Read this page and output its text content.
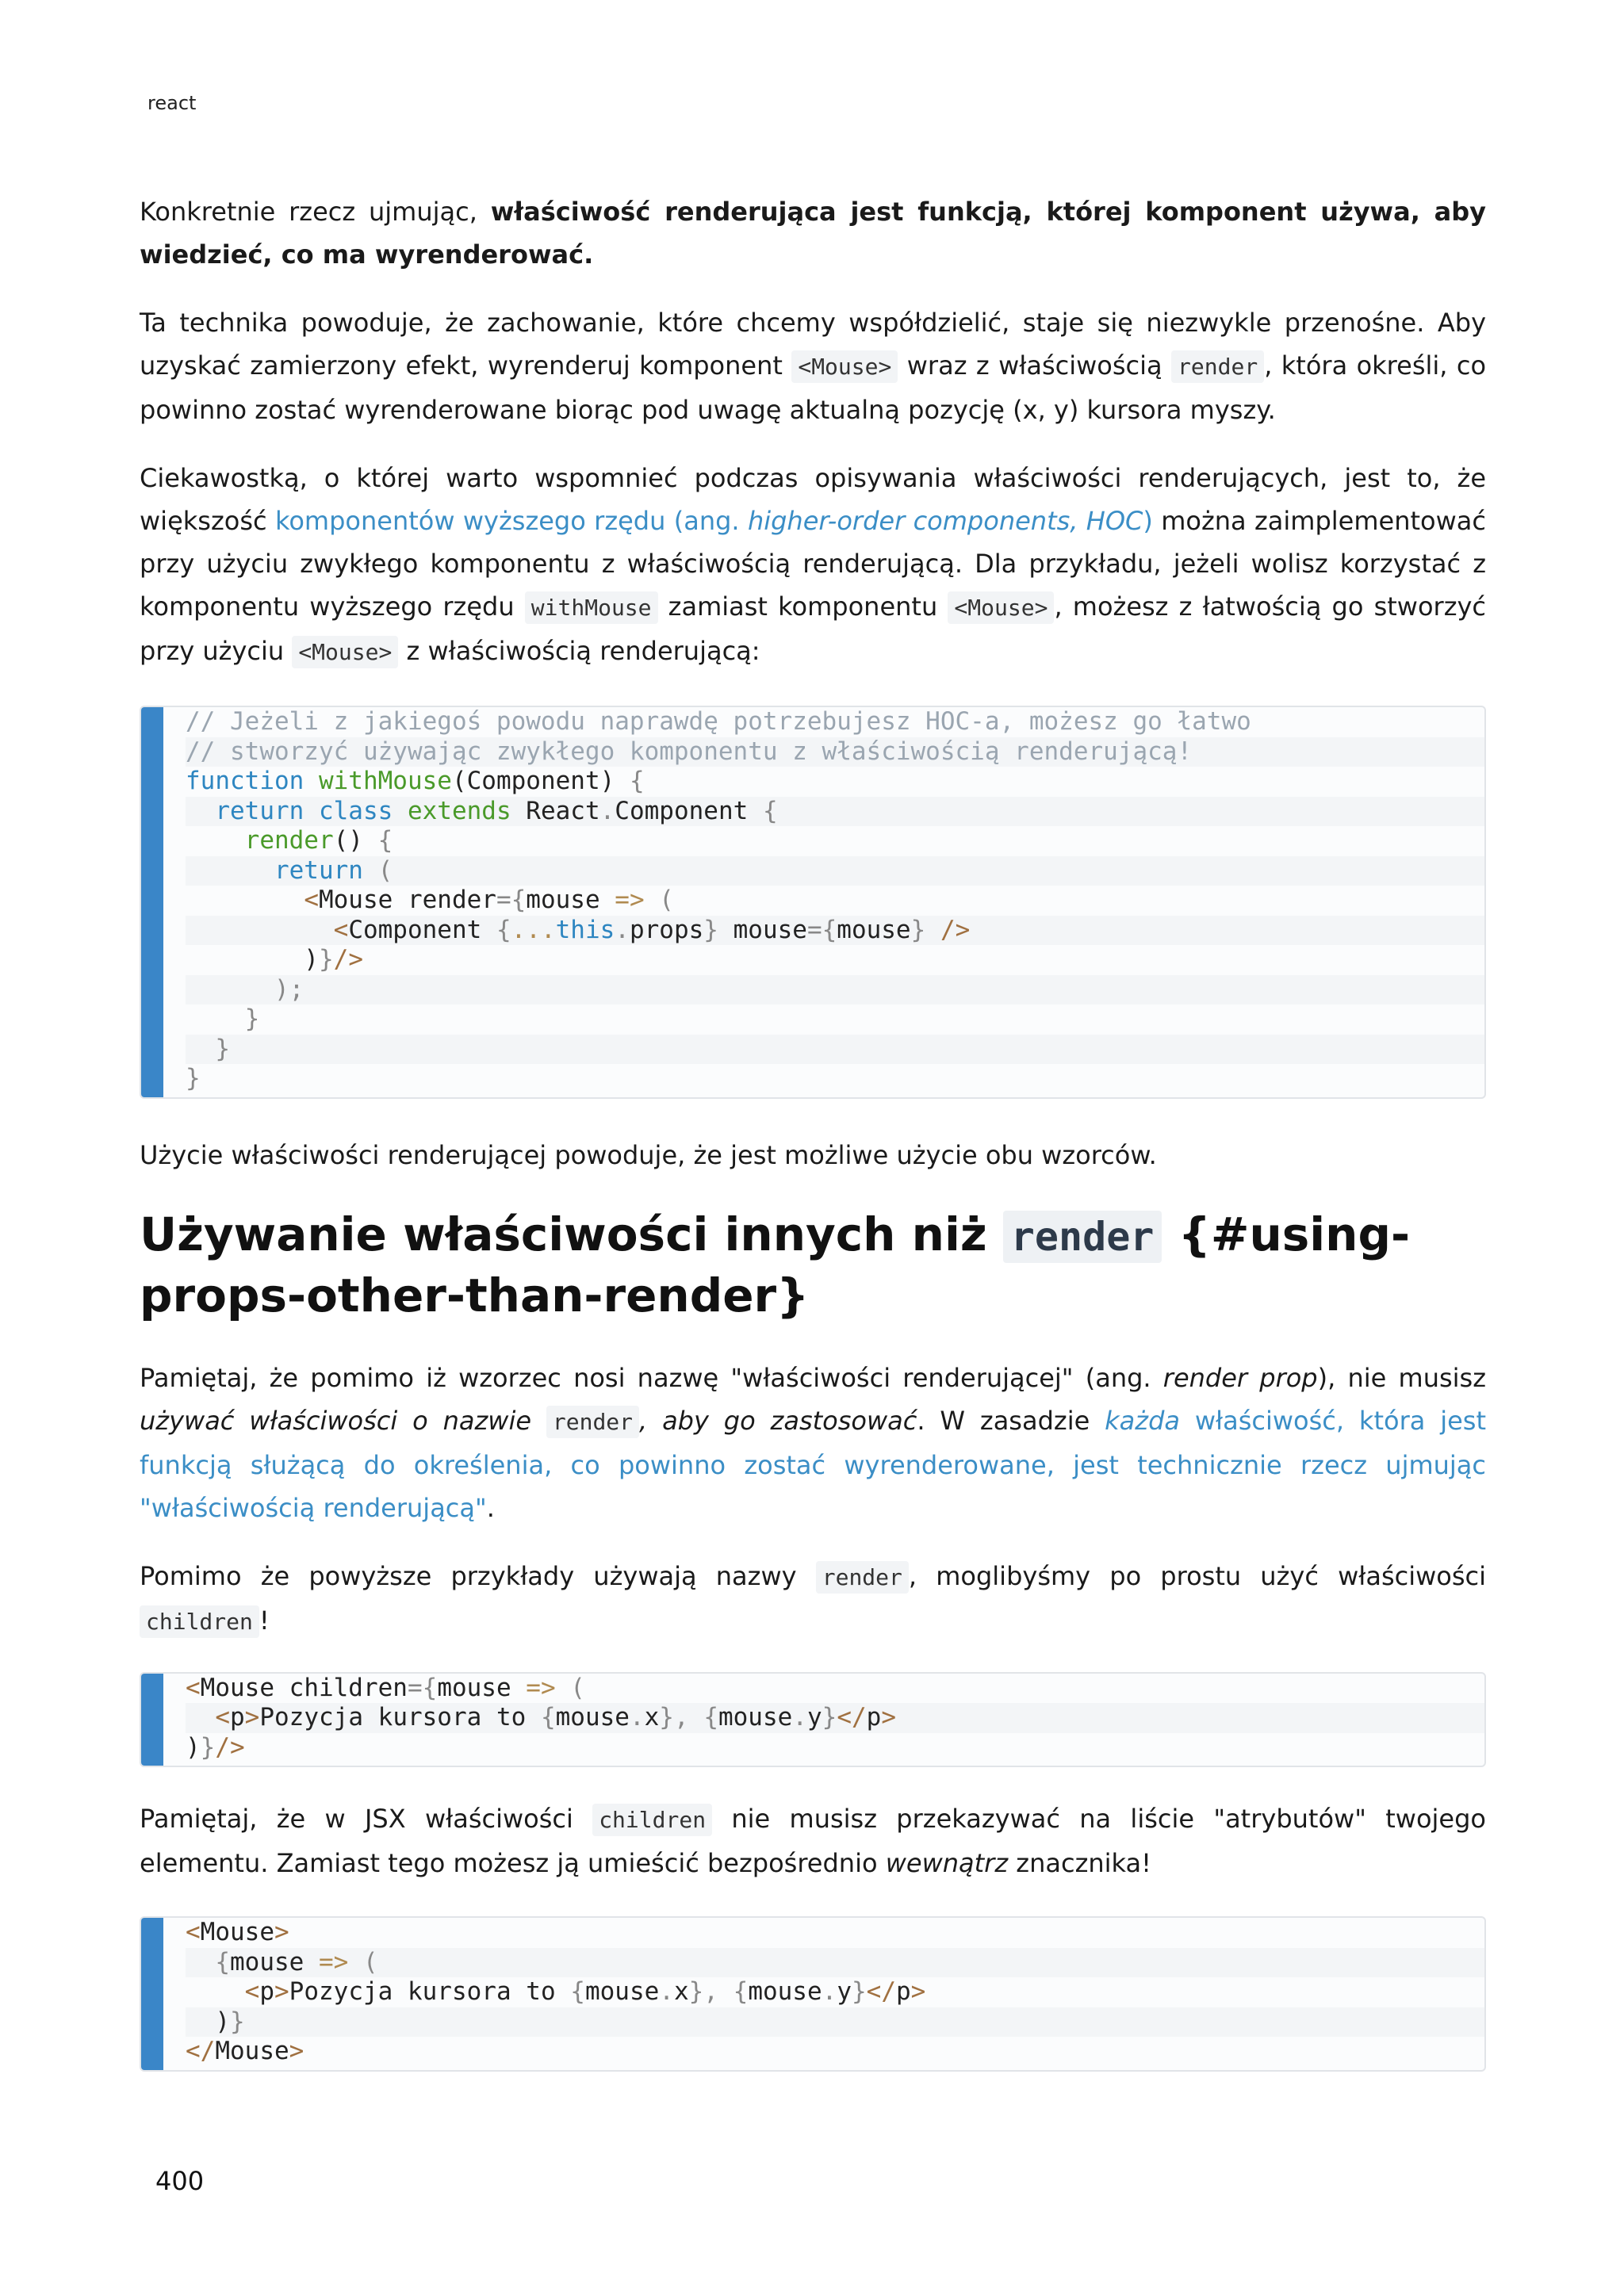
react

Konkretnie rzecz ujmując, właściwość renderująca jest funkcją, której komponent używa, aby wiedzieć, co ma wyrenderować.

Ta technika powoduje, że zachowanie, które chcemy współdzielić, staje się niezwykle przenośne. Aby uzyskać zamierzony efekt, wyrenderuj komponent <Mouse> wraz z właściwością render , która określi, co powinno zostać wyrenderowane biorąc pod uwagę aktualną pozycję (x, y) kursora myszy.

Ciekawostką, o której warto wspomnieć podczas opisywania właściwości renderujących, jest to, że większość komponentów wyższego rzędu (ang. higher-order components, HOC) można zaimplementować przy użyciu zwykłego komponentu z właściwością renderującą. Dla przykładu, jeżeli wolisz korzystać z komponentu wyższego rzędu withMouse zamiast komponentu <Mouse> , możesz z łatwością go stworzyć przy użyciu <Mouse> z właściwością renderującą:

// Jeżeli z jakiegoś powodu naprawdę potrzebujesz HOC-a, możesz go łatwo
// stworzyć używając zwykłego komponentu z właściwością renderującą!
function withMouse(Component) {
return class extends React.Component {
render() {
return (
<Mouse render={mouse => (
<Component {...this.props} mouse={mouse} />
)}/>
);
}
}
}

Użycie właściwości renderującej powoduje, że jest możliwe użycie obu wzorców.

Używanie właściwości innych niż render {#using-props-other-than-render}

Pamiętaj, że pomimo iż wzorzec nosi nazwę "właściwości renderującej" (ang. render prop), nie musisz używać właściwości o nazwie render , aby go zastosować. W zasadzie każda właściwość, która jest funkcją służącą do określenia, co powinno zostać wyrenderowane, jest technicznie rzecz ujmując "właściwością renderującą".

Pomimo że powyższe przykłady używają nazwy render , moglibyśmy po prostu użyć właściwości children !

<Mouse children={mouse => (
<p>Pozycja kursora to {mouse.x}, {mouse.y}</p>
)}/>

Pamiętaj, że w JSX właściwości children nie musisz przekazywać na liście "atrybutów" twojego elementu. Zamiast tego możesz ją umieścić bezpośrednio wewnątrz znacznika!

<Mouse>
{mouse => (
<p>Pozycja kursora to {mouse.x}, {mouse.y}</p>
)}
</Mouse>
400
